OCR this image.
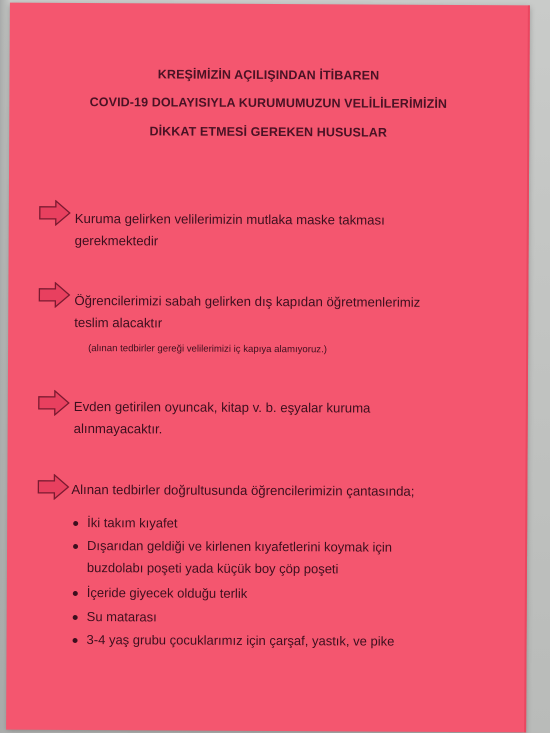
KREŞİMİZİN AÇILIŞINDAN İTİBAREN
COVID-19 DOLAYISIYLA KURUMUMUZUN VELİLİLERİMİZİN
DİKKAT ETMESİ GEREKEN HUSUSLAR
Kuruma gelirken velilerimizin mutlaka maske takması
gerekmektedir
Öğrencilerimizi sabah gelirken dış kapıdan öğretmenlerimiz
teslim alacaktır
(alınan tedbirler gereği velilerimizi iç kapıya alamıyoruz.)
Evden getirilen oyuncak, kitap v. b. eşyalar kuruma
alınmayacaktır.
Alınan tedbirler doğrultusunda öğrencilerimizin çantasında;
İki takım kıyafet
Dışarıdan geldiği ve kirlenen kıyafetlerini koymak için
buzdolabı poşeti yada küçük boy çöp poşeti
İçeride giyecek olduğu terlik
Su matarası
3-4 yaş grubu çocuklarımız için çarşaf, yastık, ve pike
